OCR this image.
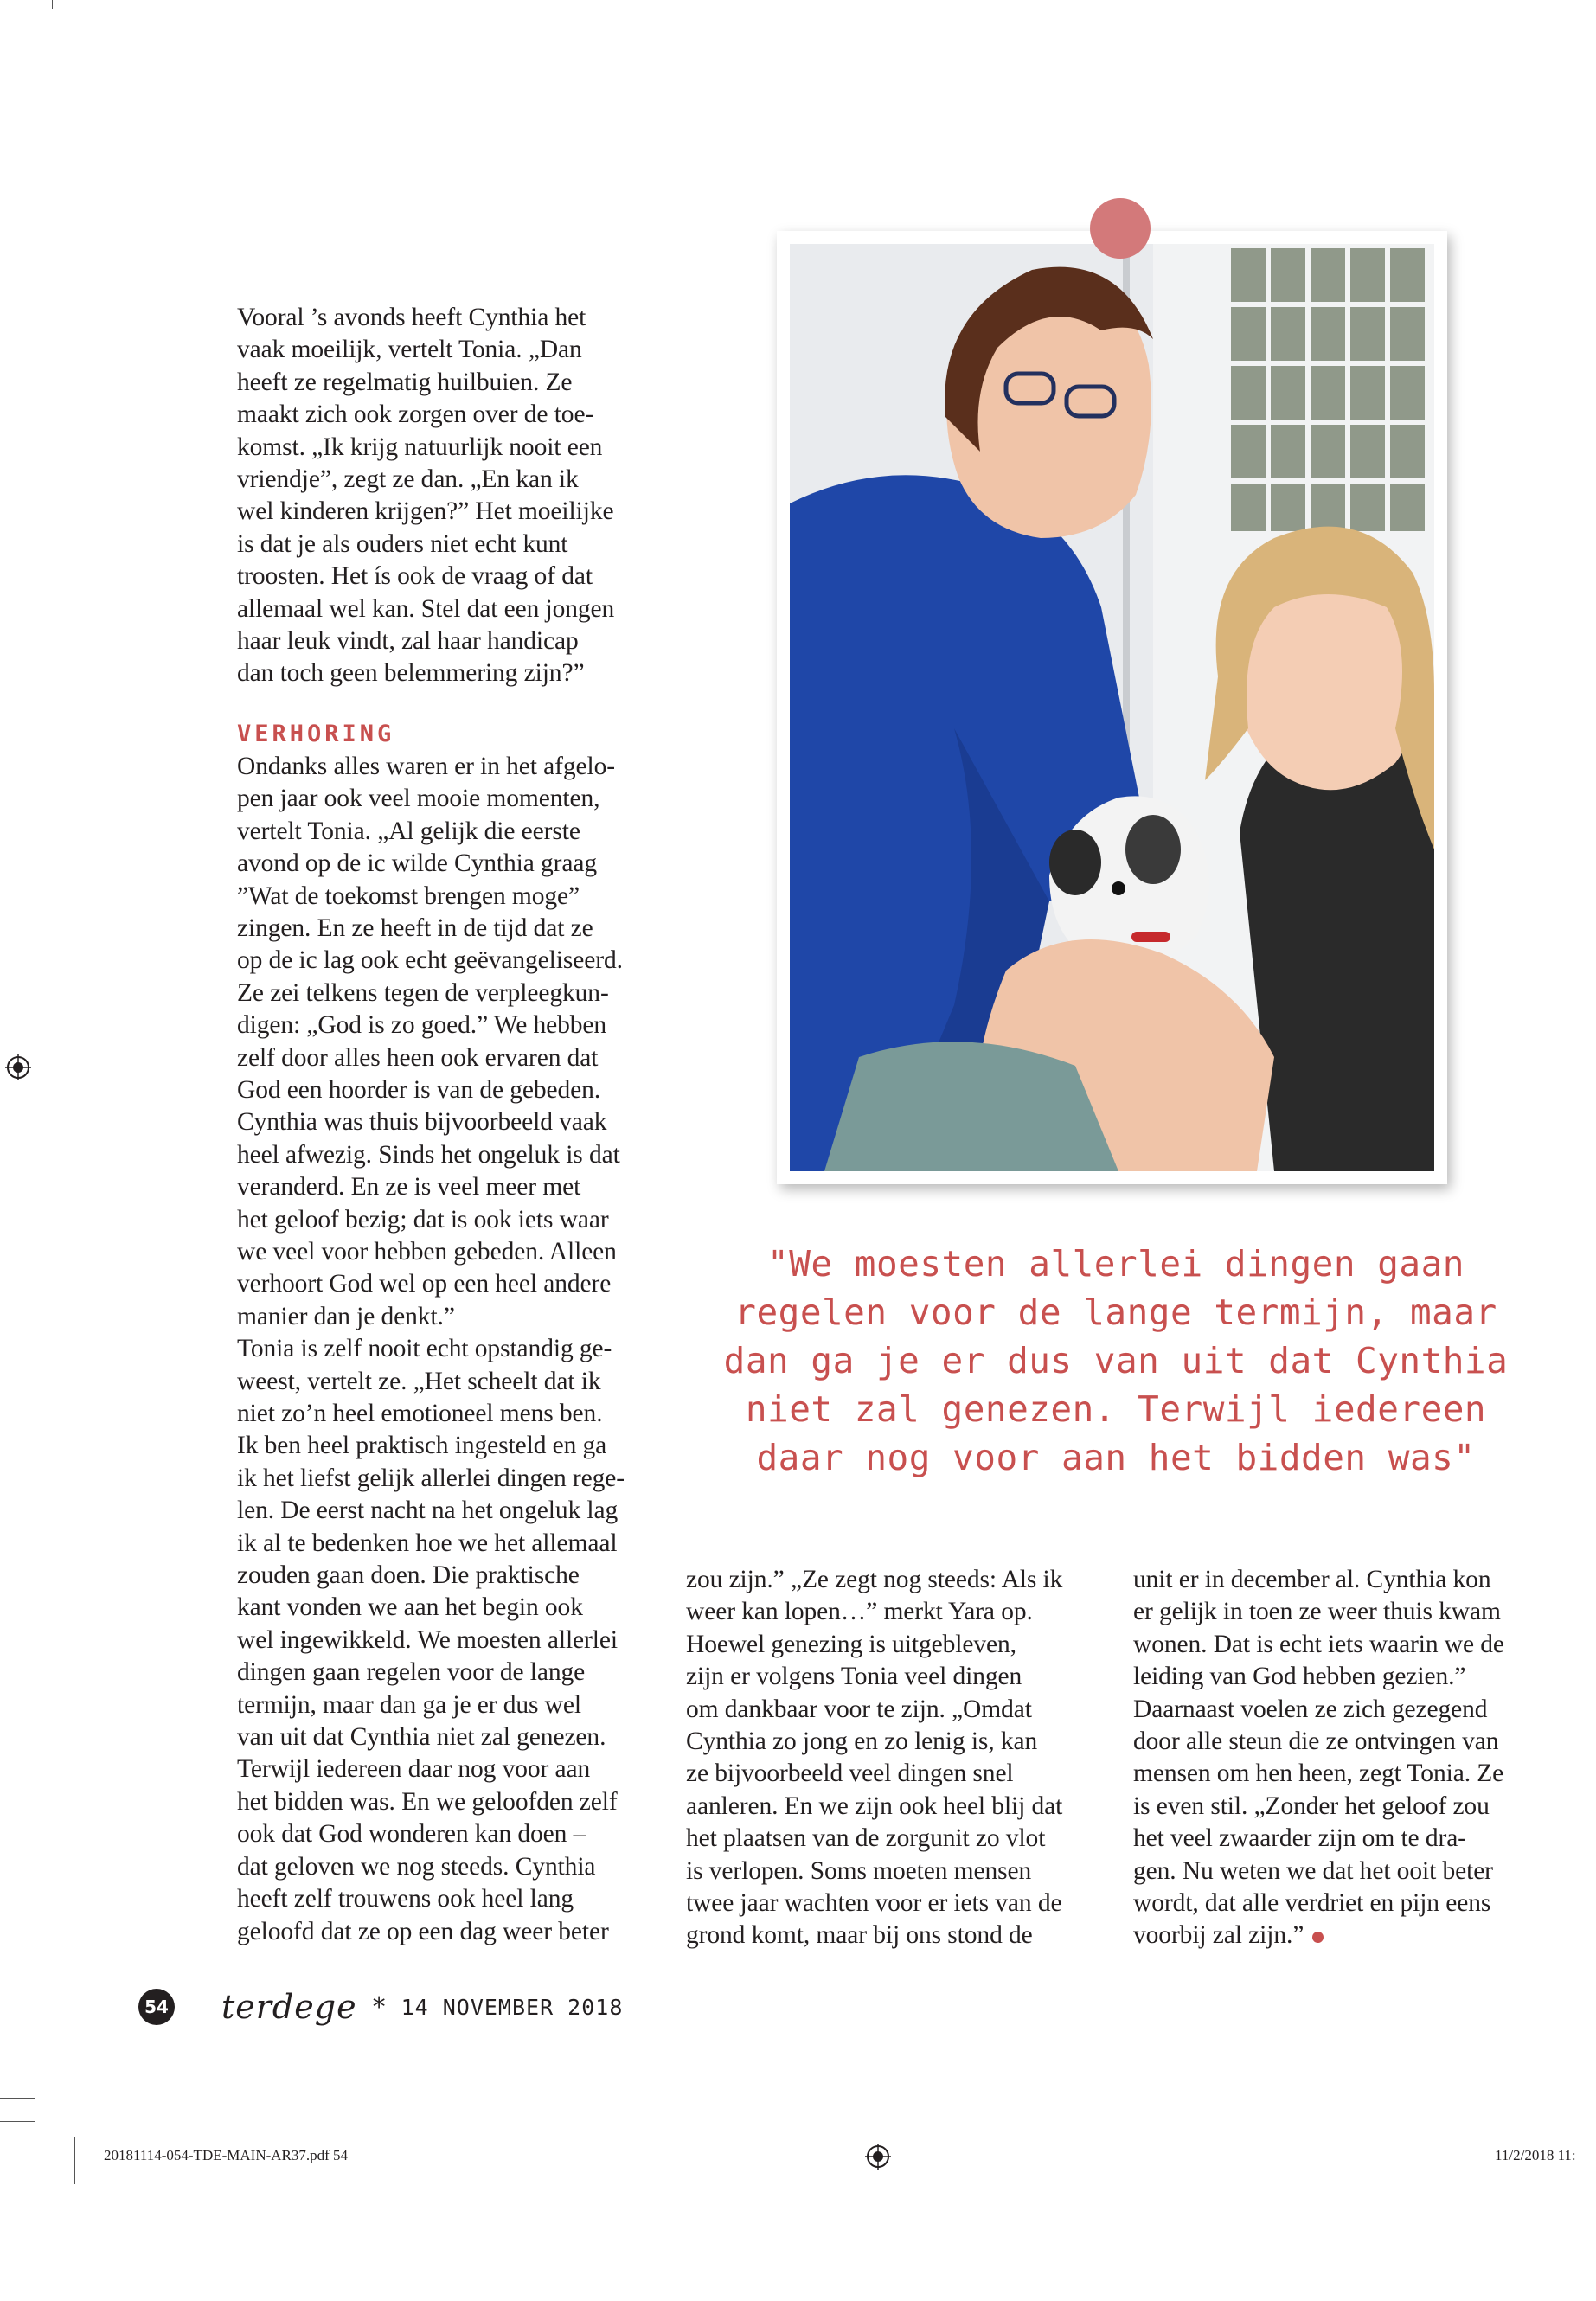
Vooral ’s avonds heeft Cynthia het
vaak moeilijk, vertelt Tonia. „Dan
heeft ze regelmatig huilbuien. Ze
maakt zich ook zorgen over de toe-
komst. „Ik krijg natuurlijk nooit een
vriendje”, zegt ze dan. „En kan ik
wel kinderen krijgen?” Het moeilijke
is dat je als ouders niet echt kunt
troosten. Het ís ook de vraag of dat
allemaal wel kan. Stel dat een jongen
haar leuk vindt, zal haar handicap
dan toch geen belemmering zijn?”

VERHORING

Ondanks alles waren er in het afgelo-
pen jaar ook veel mooie momenten,
vertelt Tonia. „Al gelijk die eerste
avond op de ic wilde Cynthia graag
”Wat de toekomst brengen moge”
zingen. En ze heeft in de tijd dat ze
op de ic lag ook echt geëvangeliseerd.
Ze zei telkens tegen de verpleegkun-
digen: „God is zo goed.” We hebben
zelf door alles heen ook ervaren dat
God een hoorder is van de gebeden.
Cynthia was thuis bijvoorbeeld vaak
heel afwezig. Sinds het ongeluk is dat
veranderd. En ze is veel meer met
het geloof bezig; dat is ook iets waar
we veel voor hebben gebeden. Alleen
verhoort God wel op een heel andere
manier dan je denkt.”

Tonia is zelf nooit echt opstandig ge-
weest, vertelt ze. „Het scheelt dat ik
niet zo’n heel emotioneel mens ben.
Ik ben heel praktisch ingesteld en ga
ik het liefst gelijk allerlei dingen rege-
len. De eerst nacht na het ongeluk lag
ik al te bedenken hoe we het allemaal
zouden gaan doen. Die praktische
kant vonden we aan het begin ook
wel ingewikkeld. We moesten allerlei
dingen gaan regelen voor de lange
termijn, maar dan ga je er dus wel
van uit dat Cynthia niet zal genezen.
Terwijl iedereen daar nog voor aan
het bidden was. En we geloofden zelf
ook dat God wonderen kan doen –
dat geloven we nog steeds. Cynthia
heeft zelf trouwens ook heel lang
geloofd dat ze op een dag weer beter

"We moesten allerlei dingen gaan
regelen voor de lange termijn, maar
dan ga je er dus van uit dat Cynthia
niet zal genezen. Terwijl iedereen
daar nog voor aan het bidden was"
zou zijn.” „Ze zegt nog steeds: Als ik
weer kan lopen…” merkt Yara op.
Hoewel genezing is uitgebleven,
zijn er volgens Tonia veel dingen
om dankbaar voor te zijn. „Omdat
Cynthia zo jong en zo lenig is, kan
ze bijvoorbeeld veel dingen snel
aanleren. En we zijn ook heel blij dat
het plaatsen van de zorgunit zo vlot
is verlopen. Soms moeten mensen
twee jaar wachten voor er iets van de
grond komt, maar bij ons stond de
unit er in december al. Cynthia kon
er gelijk in toen ze weer thuis kwam
wonen. Dat is echt iets waarin we de
leiding van God hebben gezien.”
Daarnaast voelen ze zich gezegend
door alle steun die ze ontvingen van
mensen om hen heen, zegt Tonia. Ze
is even stil. „Zonder het geloof zou
het veel zwaarder zijn om te dra-
gen. Nu weten we dat het ooit beter
wordt, dat alle verdriet en pijn eens
voorbij zal zijn.”
54 terdege * 14 NOVEMBER 2018
20181114-054-TDE-MAIN-AR37.pdf 54	11/2/2018 11:
